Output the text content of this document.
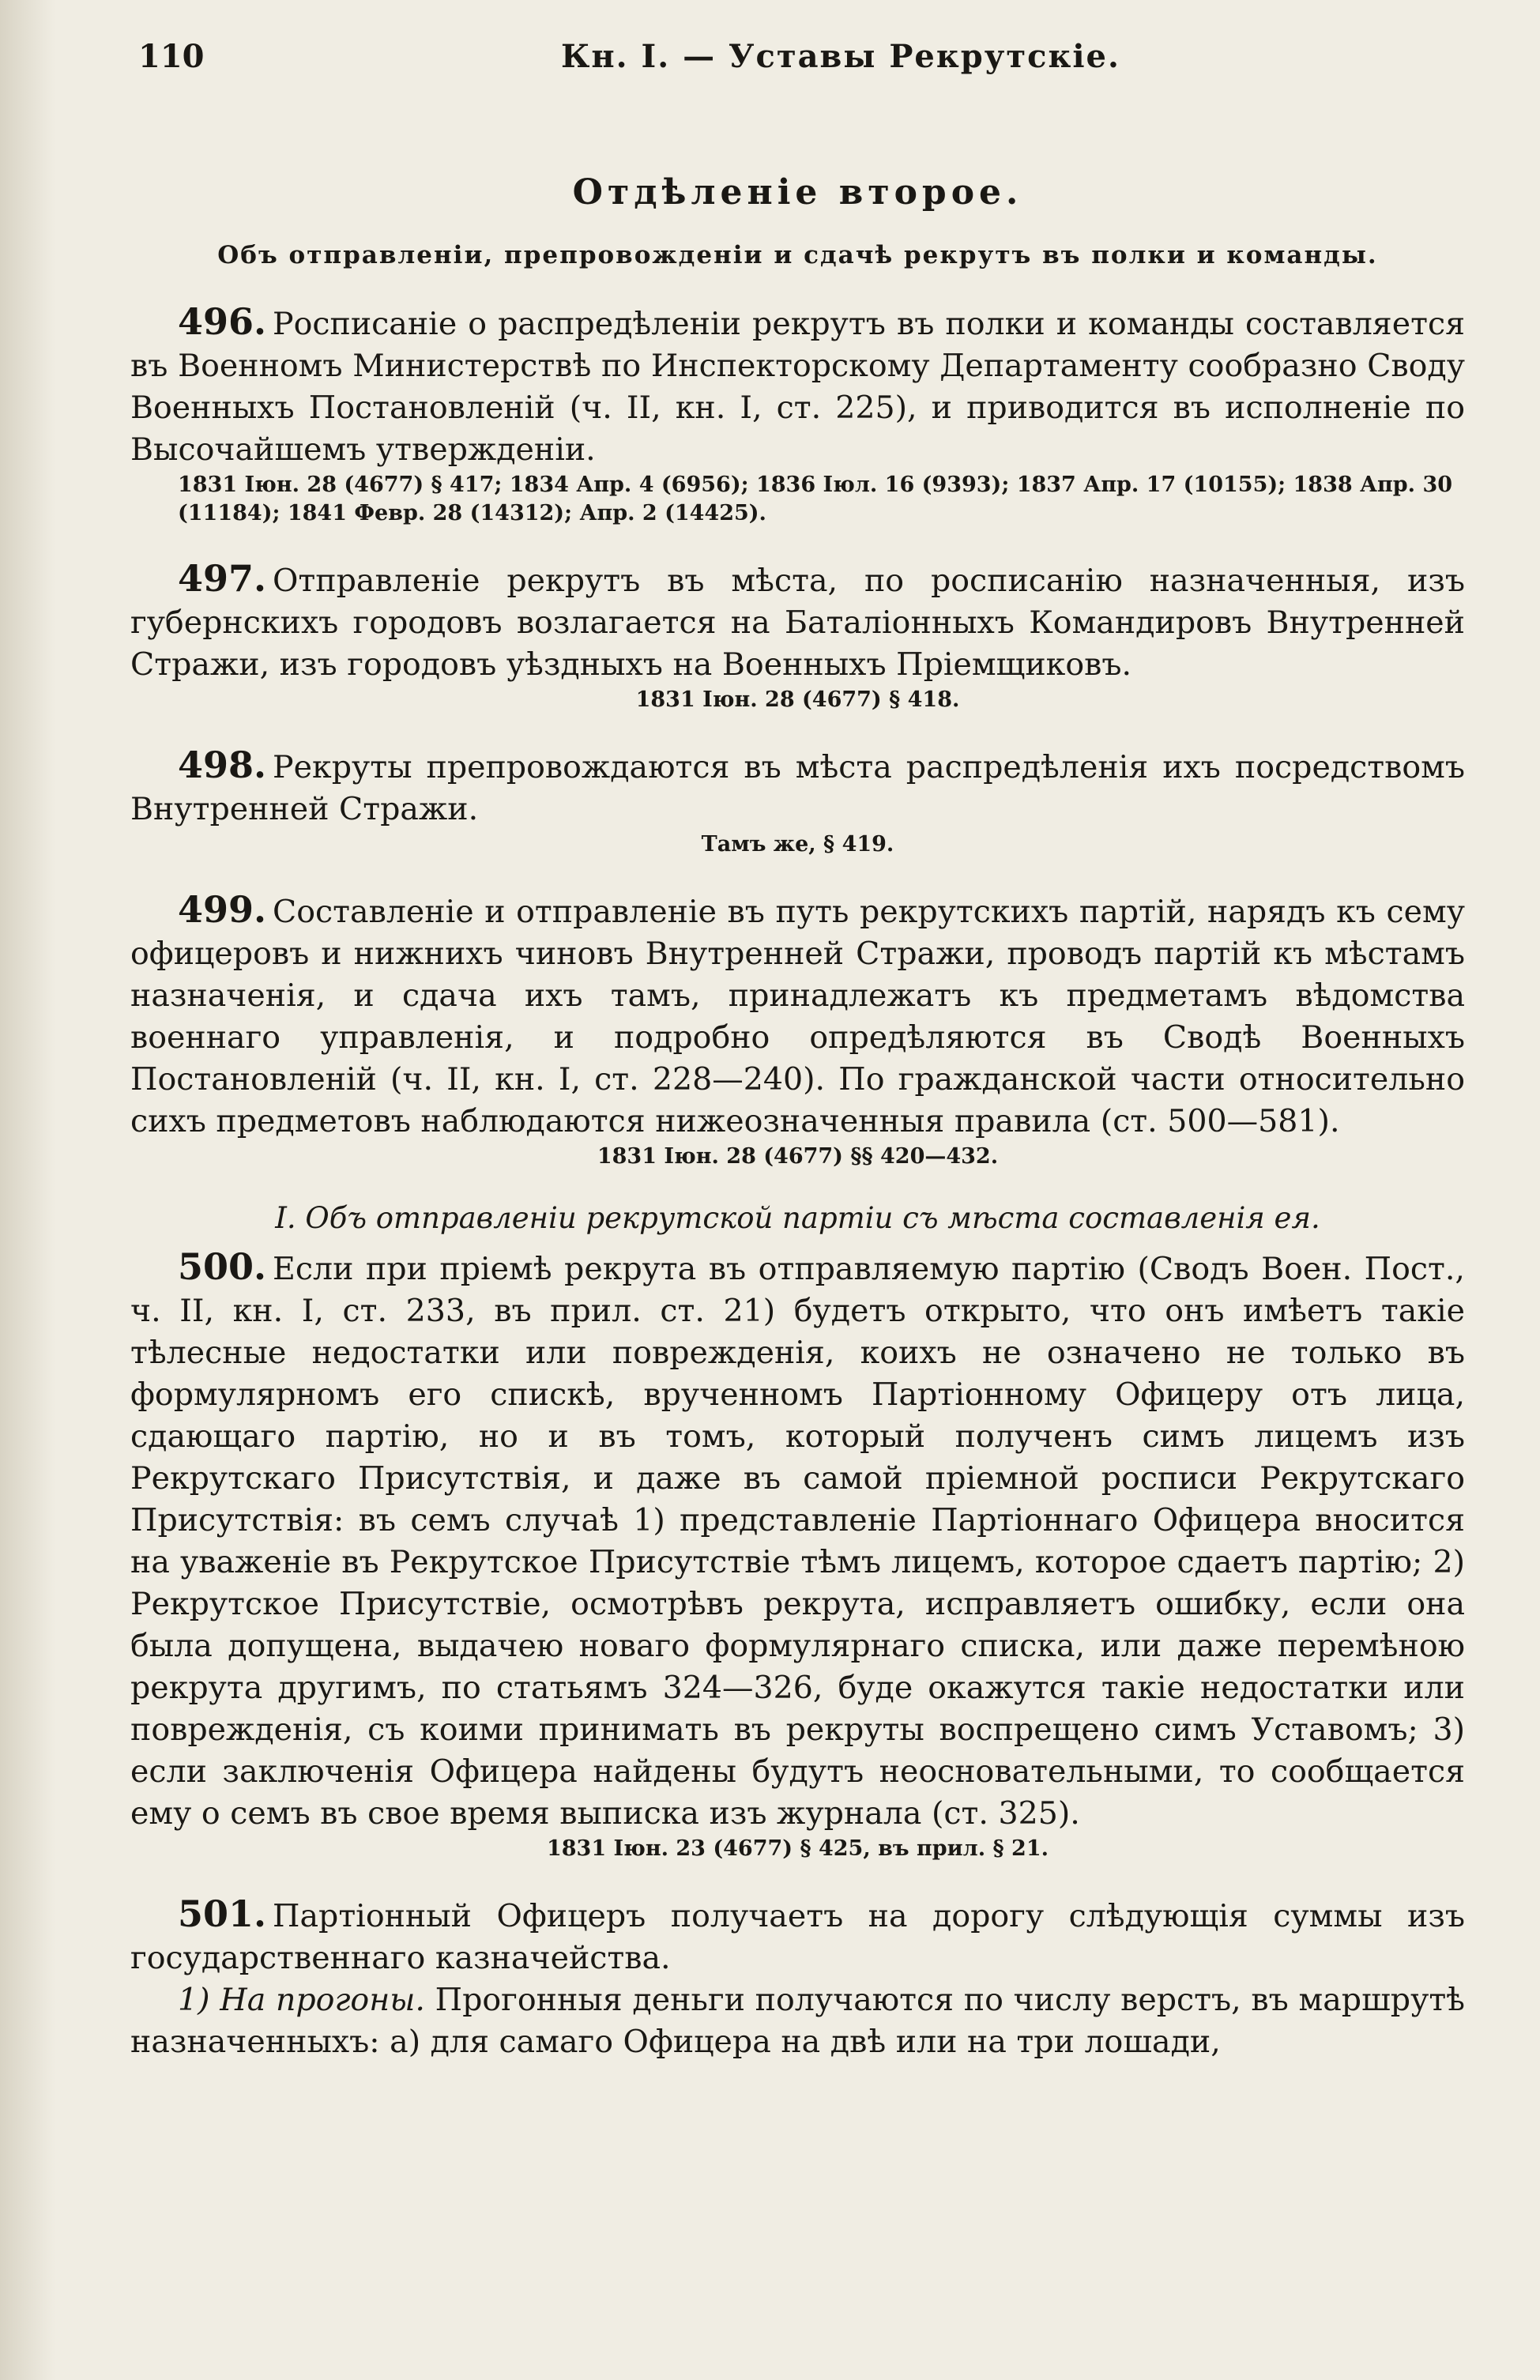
110	Кн. I. — Уставы Рекрутскіе.
Отдѣленіе второе.
Объ отправленіи, препровожденіи и сдачѣ рекрутъ въ полки и команды.
496. Росписаніе о распредѣленіи рекрутъ въ полки и команды составляется въ Военномъ Министерствѣ по Инспекторскому Департаменту сообразно Своду Военныхъ Постановленій (ч. II, кн. I, ст. 225), и приводится въ исполненіе по Высочайшемъ утвержденіи.
1831 Іюн. 28 (4677) § 417; 1834 Апр. 4 (6956); 1836 Іюл. 16 (9393); 1837 Апр. 17 (10155); 1838 Апр. 30 (11184); 1841 Февр. 28 (14312); Апр. 2 (14425).
497. Отправленіе рекрутъ въ мѣста, по росписанію назначенныя, изъ губернскихъ городовъ возлагается на Баталіонныхъ Командировъ Внутренней Стражи, изъ городовъ уѣздныхъ на Военныхъ Пріемщиковъ.
1831 Іюн. 28 (4677) § 418.
498. Рекруты препровождаются въ мѣста распредѣленія ихъ посредствомъ Внутренней Стражи.
Тамъ же, § 419.
499. Составленіе и отправленіе въ путь рекрутскихъ партій, нарядъ къ сему офицеровъ и нижнихъ чиновъ Внутренней Стражи, проводъ партій къ мѣстамъ назначенія, и сдача ихъ тамъ, принадлежатъ къ предметамъ вѣдомства военнаго управленія, и подробно опредѣляются въ Сводѣ Военныхъ Постановленій (ч. II, кн. I, ст. 228—240). По гражданской части относительно сихъ предметовъ наблюдаются нижеозначенныя правила (ст. 500—581).
1831 Іюн. 28 (4677) §§ 420—432.
I. Объ отправленіи рекрутской партіи съ мѣста составленія ея.
500. Если при пріемѣ рекрута въ отправляемую партію (Сводъ Воен. Пост., ч. II, кн. I, ст. 233, въ прил. ст. 21) будетъ открыто, что онъ имѣетъ такіе тѣлесные недостатки или поврежденія, коихъ не означено не только въ формулярномъ его спискѣ, врученномъ Партіонному Офицеру отъ лица, сдающаго партію, но и въ томъ, который полученъ симъ лицемъ изъ Рекрутскаго Присутствія, и даже въ самой пріемной росписи Рекрутскаго Присутствія: въ семъ случаѣ 1) представленіе Партіоннаго Офицера вносится на уваженіе въ Рекрутское Присутствіе тѣмъ лицемъ, которое сдаетъ партію; 2) Рекрутское Присутствіе, осмотрѣвъ рекрута, исправляетъ ошибку, если она была допущена, выдачею новаго формулярнаго списка, или даже перемѣною рекрута другимъ, по статьямъ 324—326, буде окажутся такіе недостатки или поврежденія, съ коими принимать въ рекруты воспрещено симъ Уставомъ; 3) если заключенія Офицера найдены будутъ неосновательными, то сообщается ему о семъ въ свое время выписка изъ журнала (ст. 325).
1831 Іюн. 23 (4677) § 425, въ прил. § 21.
501. Партіонный Офицеръ получаетъ на дорогу слѣдующія суммы изъ государственнаго казначейства.
1) На прогоны. Прогонныя деньги получаются по числу верстъ, въ маршрутѣ назначенныхъ: а) для самаго Офицера на двѣ или на три лошади,
